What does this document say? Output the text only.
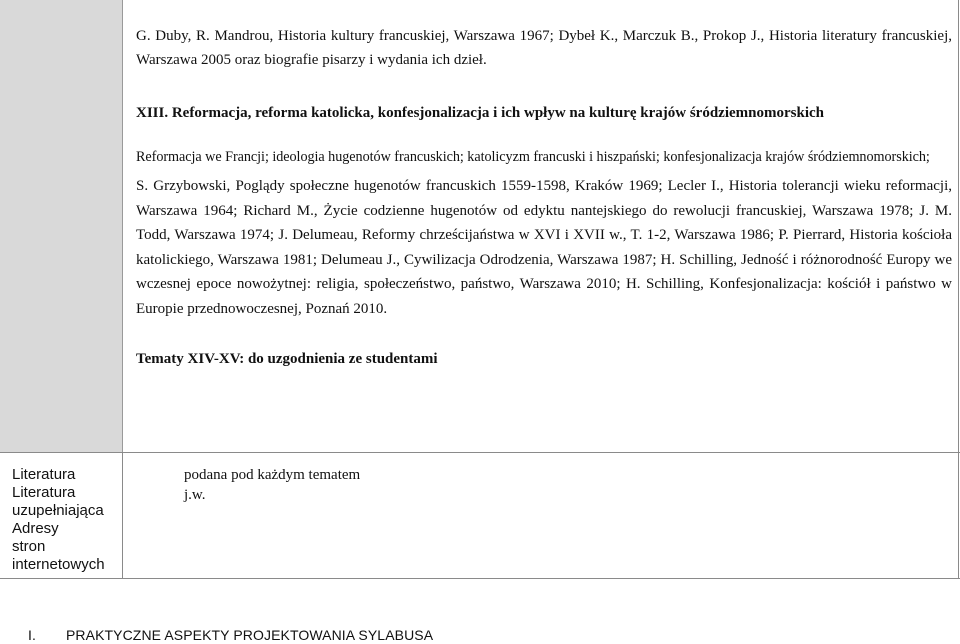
G. Duby, R. Mandrou, Historia kultury francuskiej, Warszawa 1967; Dybeł K., Marczuk B., Prokop J., Historia literatury francuskiej, Warszawa 2005 oraz biografie pisarzy i wydania ich dzieł.

XIII. Reformacja, reforma katolicka, konfesjonalizacja i ich wpływ na kulturę krajów śródziemnomorskich

Reformacja we Francji; ideologia hugenotów francuskich; katolicyzm francuski i hiszpański; konfesjonalizacja krajów śródziemnomorskich;

S. Grzybowski, Poglądy społeczne hugenotów francuskich 1559-1598, Kraków 1969; Lecler I., Historia tolerancji wieku reformacji, Warszawa 1964; Richard M., Życie codzienne hugenotów od edyktu nantejskiego do rewolucji francuskiej, Warszawa 1978; J. M. Todd, Warszawa 1974; J. Delumeau, Reformy chrześcijaństwa w XVI i XVII w., T. 1-2, Warszawa 1986; P. Pierrard, Historia kościoła katolickiego, Warszawa 1981; Delumeau J., Cywilizacja Odrodzenia, Warszawa 1987; H. Schilling, Jedność i różnorodność Europy we wczesnej epoce nowożytnej: religia, społeczeństwo, państwo, Warszawa 2010; H. Schilling, Konfesjonalizacja: kościół i państwo w Europie przednowoczesnej, Poznań 2010.

Tematy XIV-XV: do uzgodnienia ze studentami

Literatura
Literatura
uzupełniająca
Adresy
stron
internetowych
podana pod każdym tematem
j.w.
I. PRAKTYCZNE ASPEKTY PROJEKTOWANIA SYLABUSA
